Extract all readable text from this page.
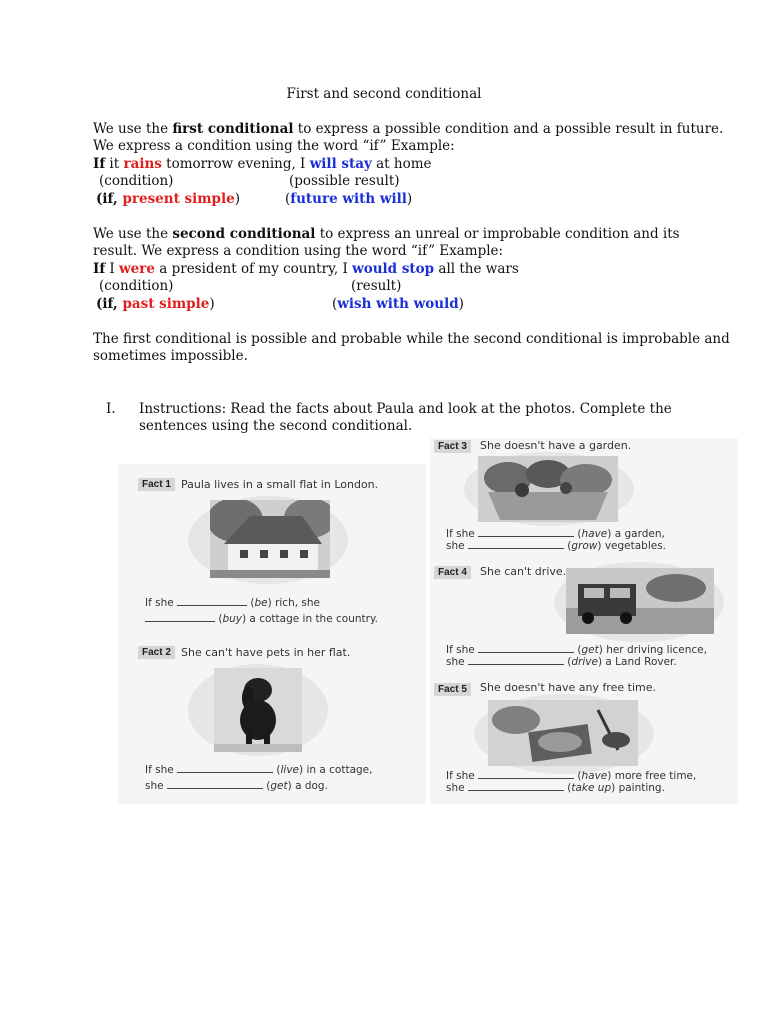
First and second conditional
We use the first conditional to express a possible condition and a possible result in future.
We express a condition using the word “if” Example:
If it rains tomorrow evening, I will stay at home
(condition)	(possible result)
(if, present simple)	(future with will)
We use the second conditional to express an unreal or improbable condition and its
result. We express a condition using the word “if” Example:
If I were a president of my country, I would stop all the wars
(condition)	(result)
(if, past simple)	(wish with would)
The first conditional is possible and probable while the second conditional is improbable and
sometimes impossible.
I. Instructions: Read the facts about Paula and look at the photos. Complete the
sentences using the second conditional.
Fact 1 Paula lives in a small flat in London.
If she	(be) rich, she
(buy) a cottage in the country.
Fact 2 She can't have pets in her flat.
If she	(live) in a cottage,
she	(get) a dog.
Fact 3	She doesn't have a garden.
If she	(have) a garden,
she	(grow) vegetables.
Fact 4	She can't drive.
If she	(get) her driving licence,
she	(drive) a Land Rover.
Fact 5	She doesn't have any free time.
If she	(have) more free time,
she	(take up) painting.
